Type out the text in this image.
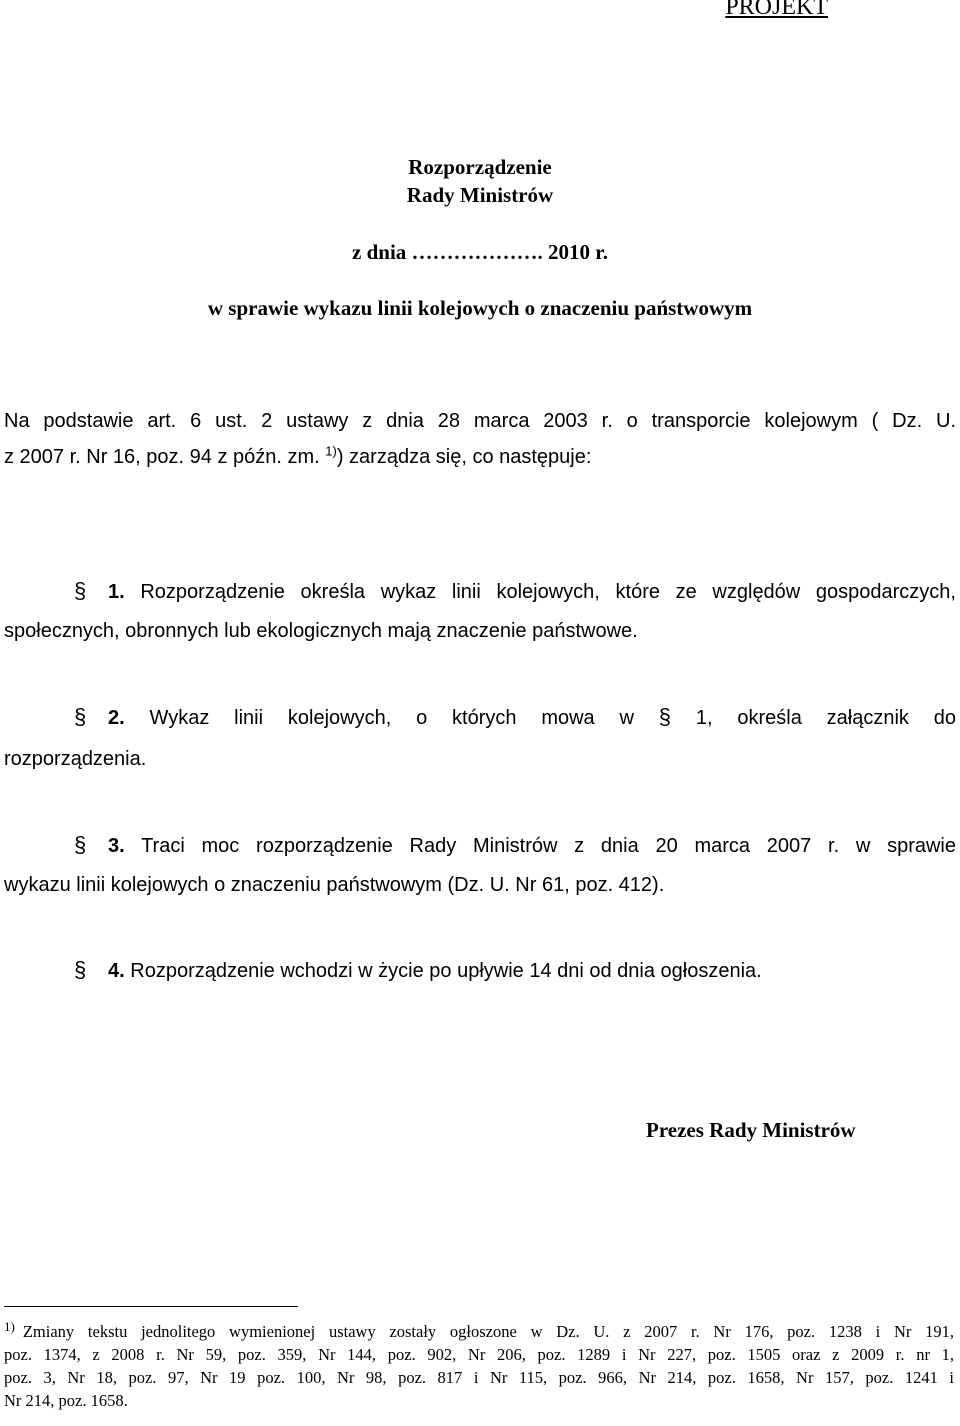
PROJEKT
Rozporządzenie
Rady Ministrów
z dnia ………………. 2010 r.
w sprawie wykazu linii kolejowych o znaczeniu państwowym

Na podstawie art. 6 ust. 2 ustawy z dnia 28 marca 2003 r. o transporcie kolejowym ( Dz. U.

z 2007 r. Nr 16, poz. 94 z późn. zm. $^{1)}$) zarządza się, co następuje:

§ 1. Rozporządzenie określa wykaz linii kolejowych, które ze względów gospodarczych,

społecznych, obronnych lub ekologicznych mają znaczenie państwowe.

§ 2. Wykaz linii kolejowych, o których mowa w § 1, określa załącznik do

rozporządzenia.

§ 3. Traci moc rozporządzenie Rady Ministrów z dnia 20 marca 2007 r. w sprawie

wykazu linii kolejowych o znaczeniu państwowym (Dz. U. Nr 61, poz. 412).

§ 4. Rozporządzenie wchodzi w życie po upływie 14 dni od dnia ogłoszenia.

Prezes Rady Ministrów
$^{1)}$ Zmiany tekstu jednolitego wymienionej ustawy zostały ogłoszone w Dz. U. z 2007 r. Nr 176, poz. 1238 i Nr 191,
poz. 1374, z 2008 r. Nr 59, poz. 359, Nr 144, poz. 902, Nr 206, poz. 1289 i Nr 227, poz. 1505 oraz z 2009 r. nr 1,
poz. 3, Nr 18, poz. 97, Nr 19 poz. 100, Nr 98, poz. 817 i Nr 115, poz. 966, Nr 214, poz. 1658, Nr 157, poz. 1241 i
Nr 214, poz. 1658.
